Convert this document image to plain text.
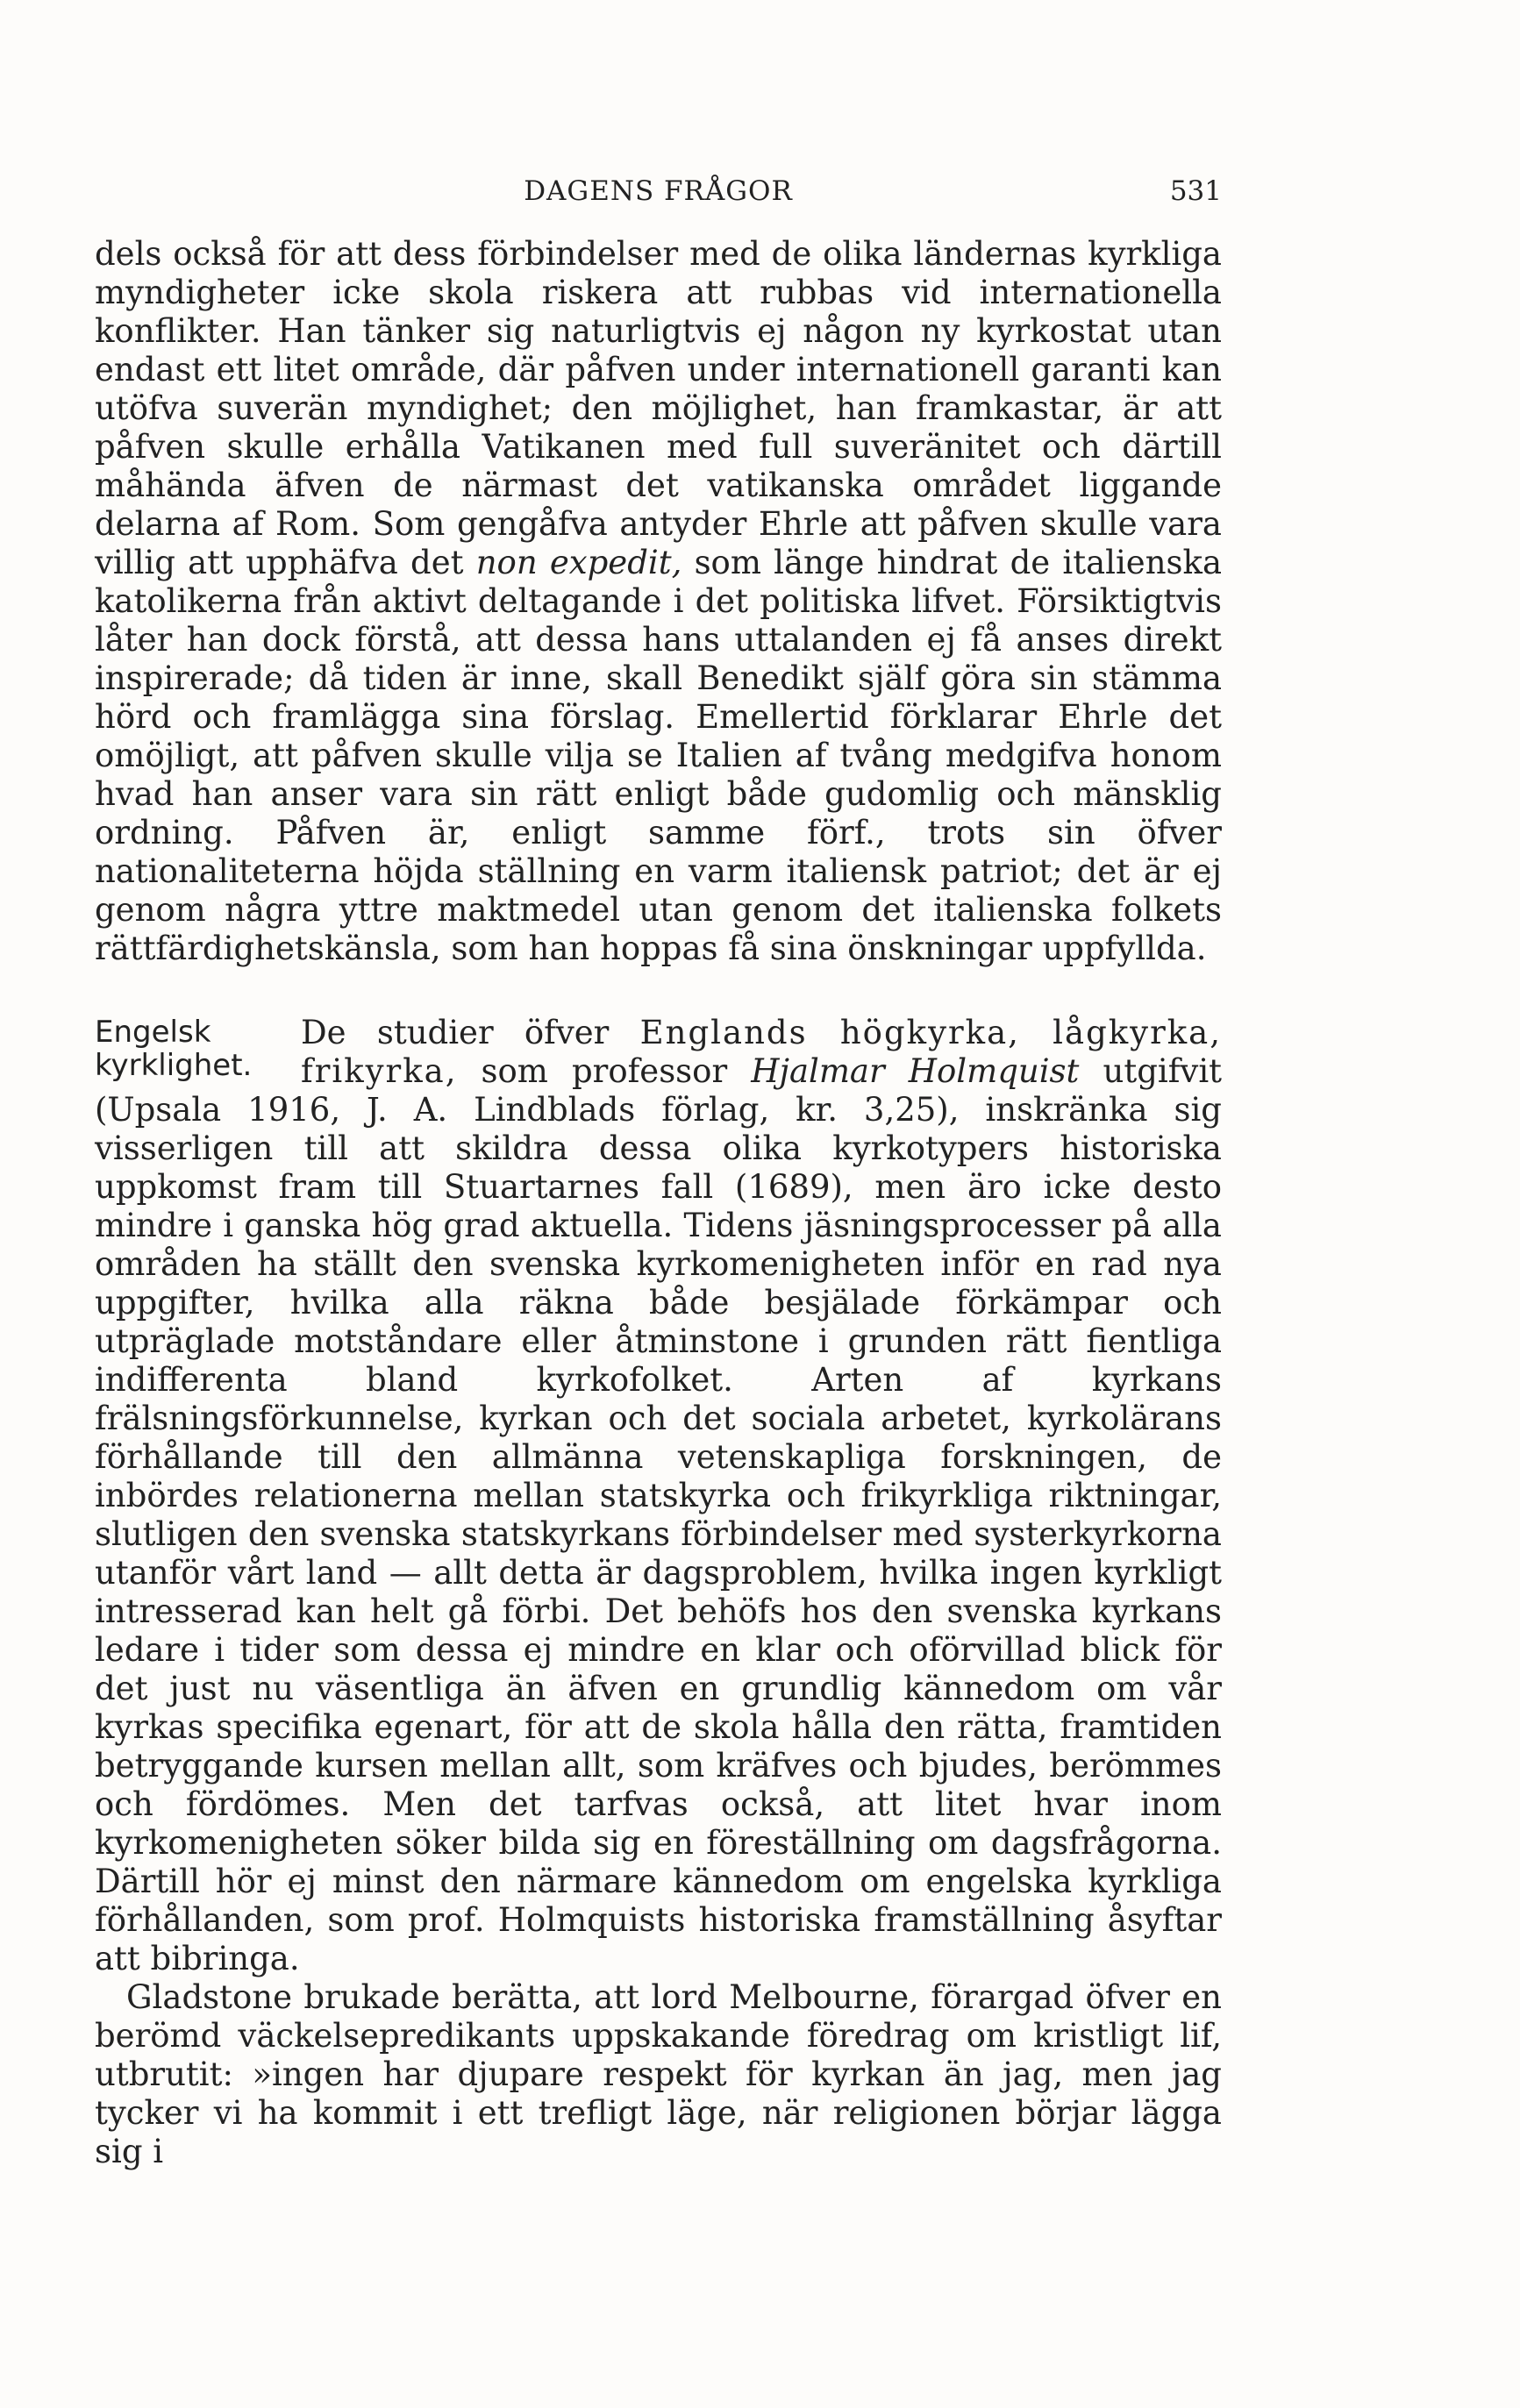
DAGENS FRÅGOR	531

dels också för att dess förbindelser med de olika ländernas kyrkliga myndigheter icke skola riskera att rubbas vid internationella konflikter. Han tänker sig naturligtvis ej någon ny kyrkostat utan endast ett litet område, där påfven under internationell garanti kan utöfva suverän myndighet; den möjlighet, han framkastar, är att påfven skulle erhålla Vatikanen med full suveränitet och därtill måhända äfven de närmast det vatikanska området liggande delarna af Rom. Som gengåfva antyder Ehrle att påfven skulle vara villig att upphäfva det non expedit, som länge hindrat de italienska katolikerna från aktivt deltagande i det politiska lifvet. Försiktigtvis låter han dock förstå, att dessa hans uttalanden ej få anses direkt inspirerade; då tiden är inne, skall Benedikt själf göra sin stämma hörd och framlägga sina förslag. Emellertid förklarar Ehrle det omöjligt, att påfven skulle vilja se Italien af tvång medgifva honom hvad han anser vara sin rätt enligt både gudomlig och mänsklig ordning. Påfven är, enligt samme förf., trots sin öfver nationaliteterna höjda ställning en varm italiensk patriot; det är ej genom några yttre maktmedel utan genom det italienska folkets rättfärdighetskänsla, som han hoppas få sina önskningar uppfyllda.

Engelsk
kyrklighet.

De studier öfver Englands högkyrka, lågkyrka, frikyrka, som professor Hjalmar Holmquist utgifvit (Upsala 1916, J. A. Lindblads förlag, kr. 3,25), inskränka sig visserligen till att skildra dessa olika kyrkotypers historiska uppkomst fram till Stuartarnes fall (1689), men äro icke desto mindre i ganska hög grad aktuella. Tidens jäsningsprocesser på alla områden ha ställt den svenska kyrkomenigheten inför en rad nya uppgifter, hvilka alla räkna både besjälade förkämpar och utpräglade motståndare eller åtminstone i grunden rätt fientliga indifferenta bland kyrkofolket. Arten af kyrkans frälsningsförkunnelse, kyrkan och det sociala arbetet, kyrkolärans förhållande till den allmänna vetenskapliga forskningen, de inbördes relationerna mellan statskyrka och frikyrkliga riktningar, slutligen den svenska statskyrkans förbindelser med systerkyrkorna utanför vårt land — allt detta är dagsproblem, hvilka ingen kyrkligt intresserad kan helt gå förbi. Det behöfs hos den svenska kyrkans ledare i tider som dessa ej mindre en klar och oförvillad blick för det just nu väsentliga än äfven en grundlig kännedom om vår kyrkas specifika egenart, för att de skola hålla den rätta, framtiden betryggande kursen mellan allt, som kräfves och bjudes, berömmes och fördömes. Men det tarfvas också, att litet hvar inom kyrkomenigheten söker bilda sig en föreställning om dagsfrågorna. Därtill hör ej minst den närmare kännedom om engelska kyrkliga förhållanden, som prof. Holmquists historiska framställning åsyftar att bibringa.

Gladstone brukade berätta, att lord Melbourne, förargad öfver en berömd väckelsepredikants uppskakande föredrag om kristligt lif, utbrutit: »ingen har djupare respekt för kyrkan än jag, men jag tycker vi ha kommit i ett trefligt läge, när religionen börjar lägga sig i
